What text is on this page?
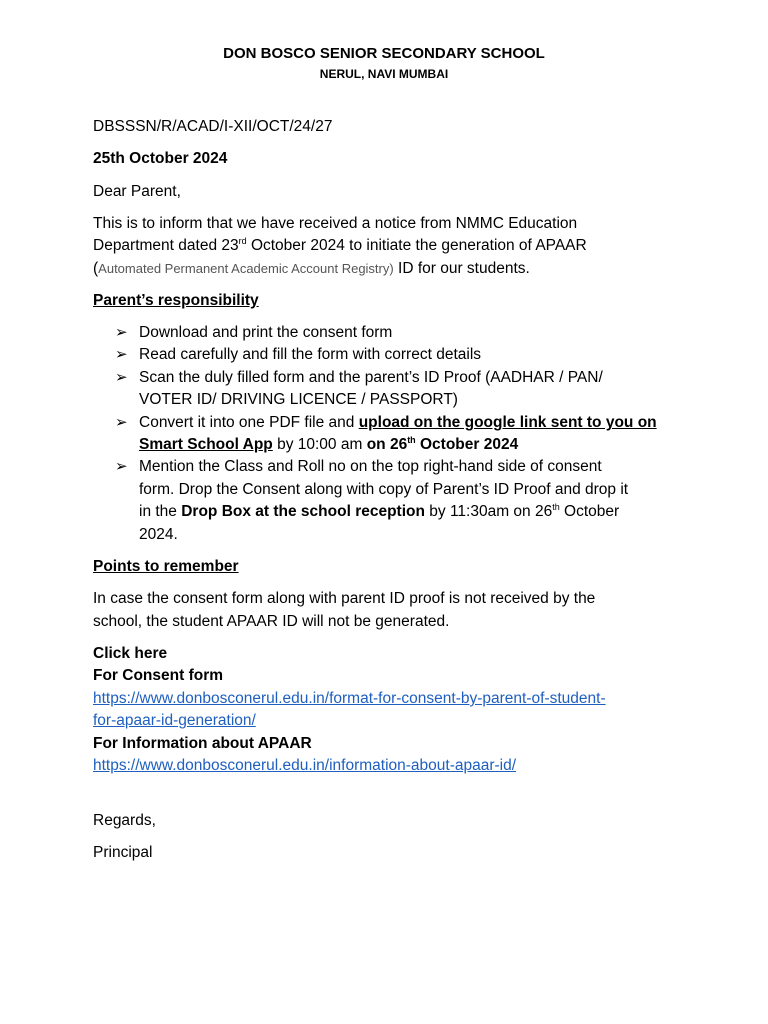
DON BOSCO SENIOR SECONDARY SCHOOL
NERUL, NAVI MUMBAI
DBSSSN/R/ACAD/I-XII/OCT/24/27
25th October 2024
Dear Parent,
This is to inform that we have received a notice from NMMC Education
Department dated 23rd October 2024 to initiate the generation of APAAR
(Automated Permanent Academic Account Registry) ID for our students.
Parent’s responsibility
➢ Download and print the consent form
➢ Read carefully and fill the form with correct details
➢ Scan the duly filled form and the parent’s ID Proof (AADHAR / PAN/
VOTER ID/ DRIVING LICENCE / PASSPORT)
➢ Convert it into one PDF file and upload on the google link sent to you on
Smart School App by 10:00 am on 26th October 2024
➢ Mention the Class and Roll no on the top right-hand side of consent
form. Drop the Consent along with copy of Parent’s ID Proof and drop it
in the Drop Box at the school reception by 11:30am on 26th October
2024.
Points to remember
In case the consent form along with parent ID proof is not received by the
school, the student APAAR ID will not be generated.
Click here
For Consent form
https://www.donbosconerul.edu.in/format-for-consent-by-parent-of-student-
for-apaar-id-generation/
For Information about APAAR
https://www.donbosconerul.edu.in/information-about-apaar-id/
Regards,
Principal
